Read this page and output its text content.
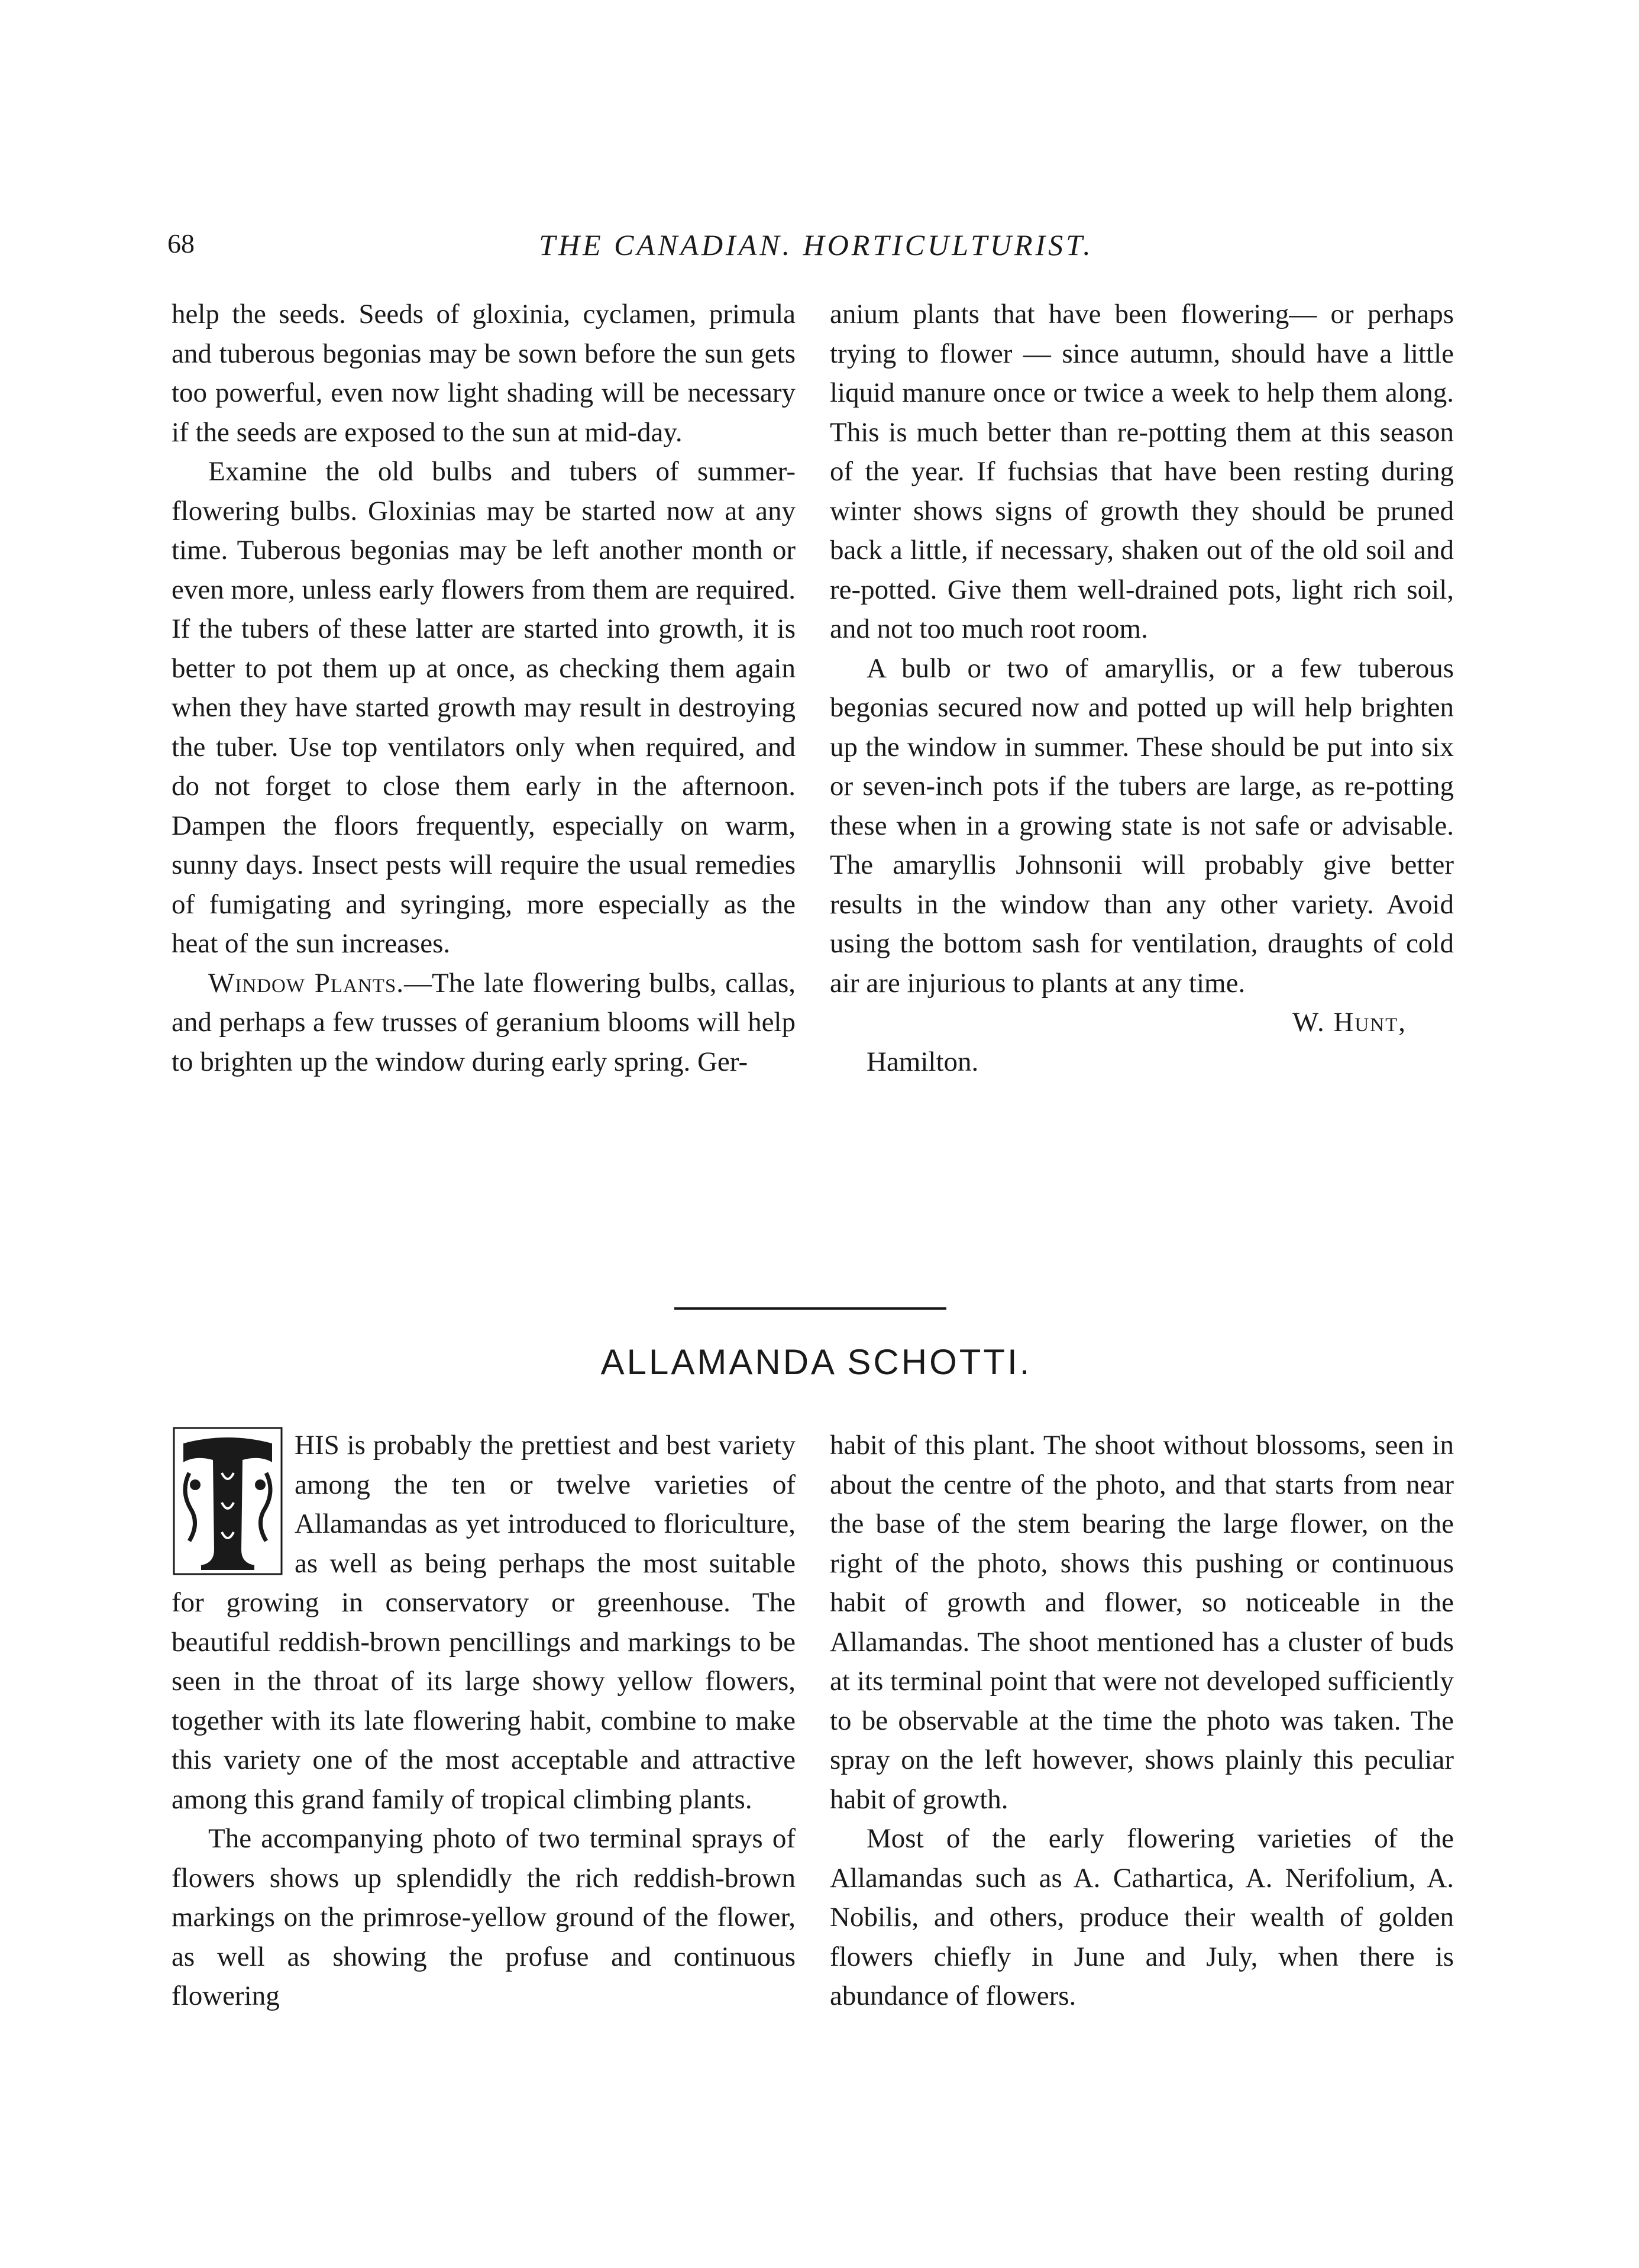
68	THE CANADIAN. HORTICULTURIST.

help the seeds. Seeds of gloxinia, cyclamen, primula and tuberous begonias may be sown before the sun gets too powerful, even now light shading will be necessary if the seeds are exposed to the sun at mid-day.

Examine the old bulbs and tubers of summer-flowering bulbs. Gloxinias may be started now at any time. Tuberous begonias may be left another month or even more, unless early flowers from them are required. If the tubers of these latter are started into growth, it is better to pot them up at once, as checking them again when they have started growth may result in destroying the tuber. Use top ventilators only when required, and do not forget to close them early in the afternoon. Dampen the floors frequently, especially on warm, sunny days. Insect pests will require the usual remedies of fumigating and syringing, more especially as the heat of the sun increases.

Window Plants.—The late flowering bulbs, callas, and perhaps a few trusses of geranium blooms will help to brighten up the window during early spring. Ger-

anium plants that have been flowering— or perhaps trying to flower — since autumn, should have a little liquid manure once or twice a week to help them along. This is much better than re-potting them at this season of the year. If fuchsias that have been resting during winter shows signs of growth they should be pruned back a little, if necessary, shaken out of the old soil and re-potted. Give them well-drained pots, light rich soil, and not too much root room.

A bulb or two of amaryllis, or a few tuberous begonias secured now and potted up will help brighten up the window in summer. These should be put into six or seven-inch pots if the tubers are large, as re-potting these when in a growing state is not safe or advisable. The amaryllis Johnsonii will probably give better results in the window than any other variety. Avoid using the bottom sash for ventilation, draughts of cold air are injurious to plants at any time.

W. Hunt,

Hamilton.

ALLAMANDA SCHOTTI.

HIS is probably the prettiest and best variety among the ten or twelve varieties of Allamandas as yet introduced to floriculture, as well as being perhaps the most suitable for growing in conservatory or greenhouse. The beautiful reddish-brown pencillings and markings to be seen in the throat of its large showy yellow flowers, together with its late flowering habit, combine to make this variety one of the most acceptable and attractive among this grand family of tropical climbing plants.

The accompanying photo of two terminal sprays of flowers shows up splendidly the rich reddish-brown markings on the primrose-yellow ground of the flower, as well as showing the profuse and continuous flowering

habit of this plant. The shoot without blossoms, seen in about the centre of the photo, and that starts from near the base of the stem bearing the large flower, on the right of the photo, shows this pushing or continuous habit of growth and flower, so noticeable in the Allamandas. The shoot mentioned has a cluster of buds at its terminal point that were not developed sufficiently to be observable at the time the photo was taken. The spray on the left however, shows plainly this peculiar habit of growth.

Most of the early flowering varieties of the Allamandas such as A. Cathartica, A. Nerifolium, A. Nobilis, and others, produce their wealth of golden flowers chiefly in June and July, when there is abundance of flowers.
